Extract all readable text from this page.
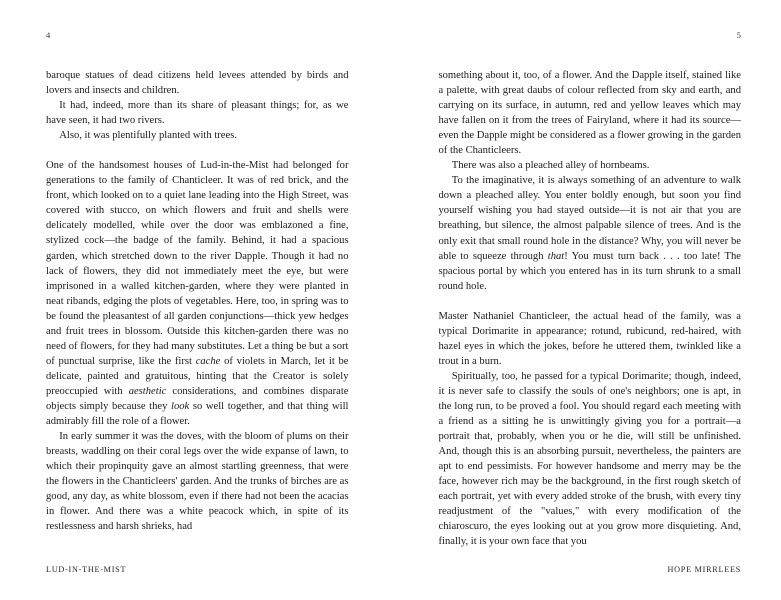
4

baroque statues of dead citizens held levees attended by birds and lovers and insects and children.

It had, indeed, more than its share of pleasant things; for, as we have seen, it had two rivers.

Also, it was plentifully planted with trees.

One of the handsomest houses of Lud-in-the-Mist had belonged for generations to the family of Chanticleer. It was of red brick, and the front, which looked on to a quiet lane leading into the High Street, was covered with stucco, on which flowers and fruit and shells were delicately modelled, while over the door was emblazoned a fine, stylized cock—the badge of the family. Behind, it had a spacious garden, which stretched down to the river Dapple. Though it had no lack of flowers, they did not immediately meet the eye, but were imprisoned in a walled kitchen-garden, where they were planted in neat ribands, edging the plots of vegetables. Here, too, in spring was to be found the pleasantest of all garden conjunctions—thick yew hedges and fruit trees in blossom. Outside this kitchen-garden there was no need of flowers, for they had many substitutes. Let a thing be but a sort of punctual surprise, like the first cache of violets in March, let it be delicate, painted and gratuitous, hinting that the Creator is solely preoccupied with aesthetic considerations, and combines disparate objects simply because they look so well together, and that thing will admirably fill the role of a flower.

In early summer it was the doves, with the bloom of plums on their breasts, waddling on their coral legs over the wide expanse of lawn, to which their propinquity gave an almost startling greenness, that were the flowers in the Chanticleers' garden. And the trunks of birches are as good, any day, as white blossom, even if there had not been the acacias in flower. And there was a white peacock which, in spite of its restlessness and harsh shrieks, had

LUD-IN-THE-MIST
5

something about it, too, of a flower. And the Dapple itself, stained like a palette, with great daubs of colour reflected from sky and earth, and carrying on its surface, in autumn, red and yellow leaves which may have fallen on it from the trees of Fairyland, where it had its source—even the Dapple might be considered as a flower growing in the garden of the Chanticleers.

There was also a pleached alley of hornbeams.

To the imaginative, it is always something of an adventure to walk down a pleached alley. You enter boldly enough, but soon you find yourself wishing you had stayed outside—it is not air that you are breathing, but silence, the almost palpable silence of trees. And is the only exit that small round hole in the distance? Why, you will never be able to squeeze through that! You must turn back . . . too late! The spacious portal by which you entered has in its turn shrunk to a small round hole.

Master Nathaniel Chanticleer, the actual head of the family, was a typical Dorimarite in appearance; rotund, rubicund, red-haired, with hazel eyes in which the jokes, before he uttered them, twinkled like a trout in a burn.

Spiritually, too, he passed for a typical Dorimarite; though, indeed, it is never safe to classify the souls of one's neighbors; one is apt, in the long run, to be proved a fool. You should regard each meeting with a friend as a sitting he is unwittingly giving you for a portrait—a portrait that, probably, when you or he die, will still be unfinished. And, though this is an absorbing pursuit, nevertheless, the painters are apt to end pessimists. For however handsome and merry may be the face, however rich may be the background, in the first rough sketch of each portrait, yet with every added stroke of the brush, with every tiny readjustment of the "values," with every modification of the chiaroscuro, the eyes looking out at you grow more disquieting. And, finally, it is your own face that you

HOPE MIRRLEES
